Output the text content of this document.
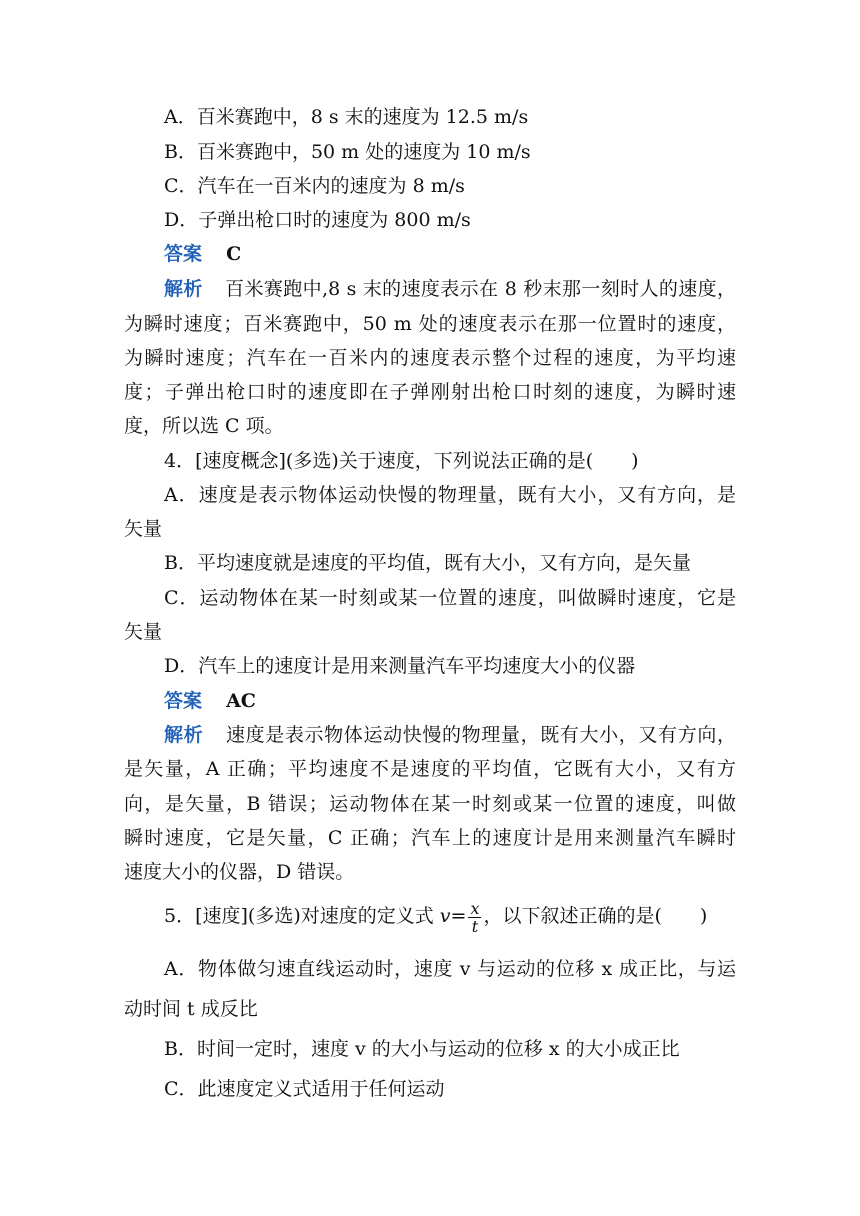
A．百米赛跑中，8 s 末的速度为 12.5 m/s
B．百米赛跑中，50 m 处的速度为 10 m/s
C．汽车在一百米内的速度为 8 m/s
D．子弹出枪口时的速度为 800 m/s
答案 C
解析 百米赛跑中,8 s 末的速度表示在 8 秒末那一刻时人的速度，
为瞬时速度；百米赛跑中，50 m 处的速度表示在那一位置时的速度，
为瞬时速度；汽车在一百米内的速度表示整个过程的速度，为平均速
度；子弹出枪口时的速度即在子弹刚射出枪口时刻的速度，为瞬时速
度，所以选 C 项。
4．[速度概念](多选)关于速度，下列说法正确的是(　　)
A．速度是表示物体运动快慢的物理量，既有大小，又有方向，是
矢量
B．平均速度就是速度的平均值，既有大小，又有方向，是矢量
C．运动物体在某一时刻或某一位置的速度，叫做瞬时速度，它是
矢量
D．汽车上的速度计是用来测量汽车平均速度大小的仪器
答案 AC
解析 速度是表示物体运动快慢的物理量，既有大小，又有方向，
是矢量，A 正确；平均速度不是速度的平均值，它既有大小，又有方
向，是矢量，B 错误；运动物体在某一时刻或某一位置的速度，叫做
瞬时速度，它是矢量，C 正确；汽车上的速度计是用来测量汽车瞬时
速度大小的仪器，D 错误。
5．[速度](多选)对速度的定义式 $v= \frac{x}{t}$ ，以下叙述正确的是(　　)
A．物体做匀速直线运动时，速度 v 与运动的位移 x 成正比，与运
动时间 t 成反比
B．时间一定时，速度 v 的大小与运动的位移 x 的大小成正比
C．此速度定义式适用于任何运动
